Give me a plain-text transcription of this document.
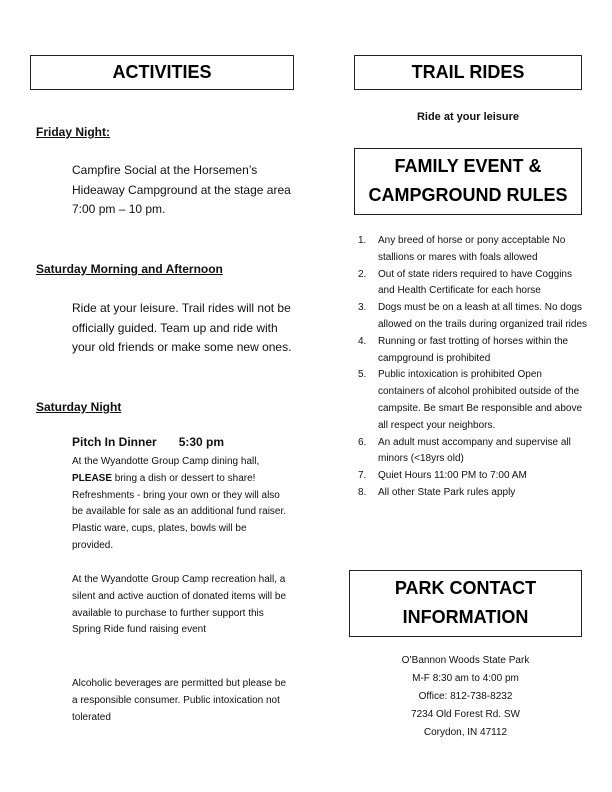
ACTIVITIES
Friday Night:
Campfire Social at the Horsemen’s Hideaway Campground at the stage area 7:00 pm – 10 pm.
Saturday Morning and Afternoon
Ride at your leisure. Trail rides will not be officially guided. Team up and ride with your old friends or make some new ones.
Saturday Night
Pitch In Dinner 5:30 pm
At the Wyandotte Group Camp dining hall, PLEASE bring a dish or dessert to share! Refreshments - bring your own or they will also be available for sale as an additional fund raiser. Plastic ware, cups, plates, bowls will be provided.
At the Wyandotte Group Camp recreation hall, a silent and active auction of donated items will be available to purchase to further support this Spring Ride fund raising event
Alcoholic beverages are permitted but please be a responsible consumer. Public intoxication not tolerated
TRAIL RIDES
Ride at your leisure
FAMILY EVENT &
CAMPGROUND RULES
1. Any breed of horse or pony acceptable No stallions or mares with foals allowed
2. Out of state riders required to have Coggins and Health Certificate for each horse
3. Dogs must be on a leash at all times. No dogs allowed on the trails during organized trail rides
4. Running or fast trotting of horses within the campground is prohibited
5. Public intoxication is prohibited Open containers of alcohol prohibited outside of the campsite. Be smart Be responsible and above all respect your neighbors.
6. An adult must accompany and supervise all minors (<18yrs old)
7. Quiet Hours 11:00 PM to 7:00 AM
8. All other State Park rules apply
PARK CONTACT
INFORMATION
O’Bannon Woods State Park
M-F 8:30 am to 4:00 pm
Office: 812-738-8232
7234 Old Forest Rd. SW
Corydon, IN 47112
